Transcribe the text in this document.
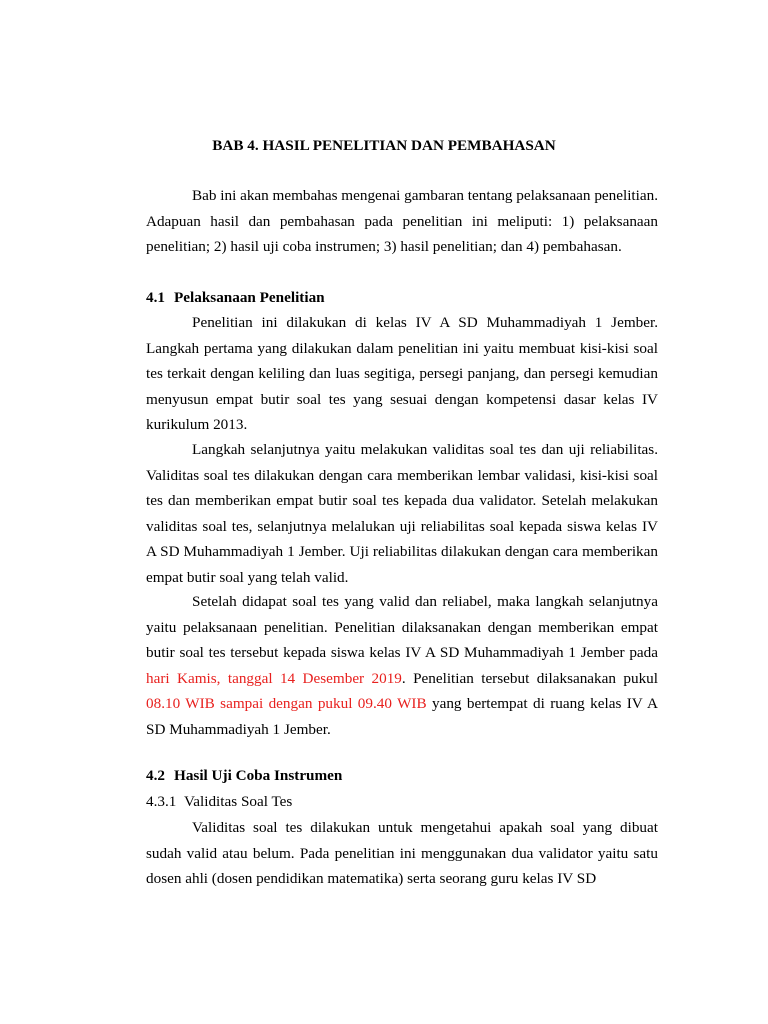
BAB 4. HASIL PENELITIAN DAN PEMBAHASAN

Bab ini akan membahas mengenai gambaran tentang pelaksanaan penelitian. Adapuan hasil dan pembahasan pada penelitian ini meliputi: 1) pelaksanaan penelitian; 2) hasil uji coba instrumen; 3) hasil penelitian; dan 4) pembahasan.

4.1 Pelaksanaan Penelitian

Penelitian ini dilakukan di kelas IV A SD Muhammadiyah 1 Jember. Langkah pertama yang dilakukan dalam penelitian ini yaitu membuat kisi-kisi soal tes terkait dengan keliling dan luas segitiga, persegi panjang, dan persegi kemudian menyusun empat butir soal tes yang sesuai dengan kompetensi dasar kelas IV kurikulum 2013.

Langkah selanjutnya yaitu melakukan validitas soal tes dan uji reliabilitas. Validitas soal tes dilakukan dengan cara memberikan lembar validasi, kisi-kisi soal tes dan memberikan empat butir soal tes kepada dua validator. Setelah melakukan validitas soal tes, selanjutnya melalukan uji reliabilitas soal kepada siswa kelas IV A SD Muhammadiyah 1 Jember. Uji reliabilitas dilakukan dengan cara memberikan empat butir soal yang telah valid.

Setelah didapat soal tes yang valid dan reliabel, maka langkah selanjutnya yaitu pelaksanaan penelitian. Penelitian dilaksanakan dengan memberikan empat butir soal tes tersebut kepada siswa kelas IV A SD Muhammadiyah 1 Jember pada hari Kamis, tanggal 14 Desember 2019. Penelitian tersebut dilaksanakan pukul 08.10 WIB sampai dengan pukul 09.40 WIB yang bertempat di ruang kelas IV A SD Muhammadiyah 1 Jember.

4.2 Hasil Uji Coba Instrumen
4.3.1 Validitas Soal Tes

Validitas soal tes dilakukan untuk mengetahui apakah soal yang dibuat sudah valid atau belum. Pada penelitian ini menggunakan dua validator yaitu satu dosen ahli (dosen pendidikan matematika) serta seorang guru kelas IV SD
